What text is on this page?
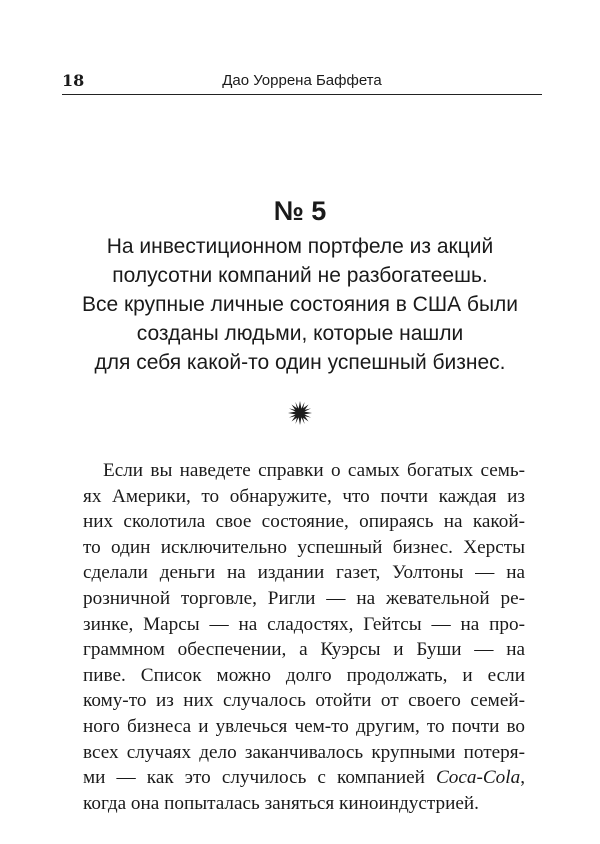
18	Дао Уоррена Баффета
№ 5
На инвестиционном портфеле из акций
полусотни компаний не разбогатеешь.
Все крупные личные состояния в США были
созданы людьми, которые нашли
для себя какой-то один успешный бизнес.
Если вы наведете справки о самых богатых семь-
ях Америки, то обнаружите, что почти каждая из
них сколотила свое состояние, опираясь на какой-
то один исключительно успешный бизнес. Херсты
сделали деньги на издании газет, Уолтоны — на
розничной торговле, Ригли — на жевательной ре-
зинке, Марсы — на сладостях, Гейтсы — на про-
граммном обеспечении, а Куэрсы и Буши — на
пиве. Список можно долго продолжать, и если
кому-то из них случалось отойти от своего семей-
ного бизнеса и увлечься чем-то другим, то почти во
всех случаях дело заканчивалось крупными потеря-
ми — как это случилось с компанией Coca-Cola,
когда она попыталась заняться киноиндустрией.
